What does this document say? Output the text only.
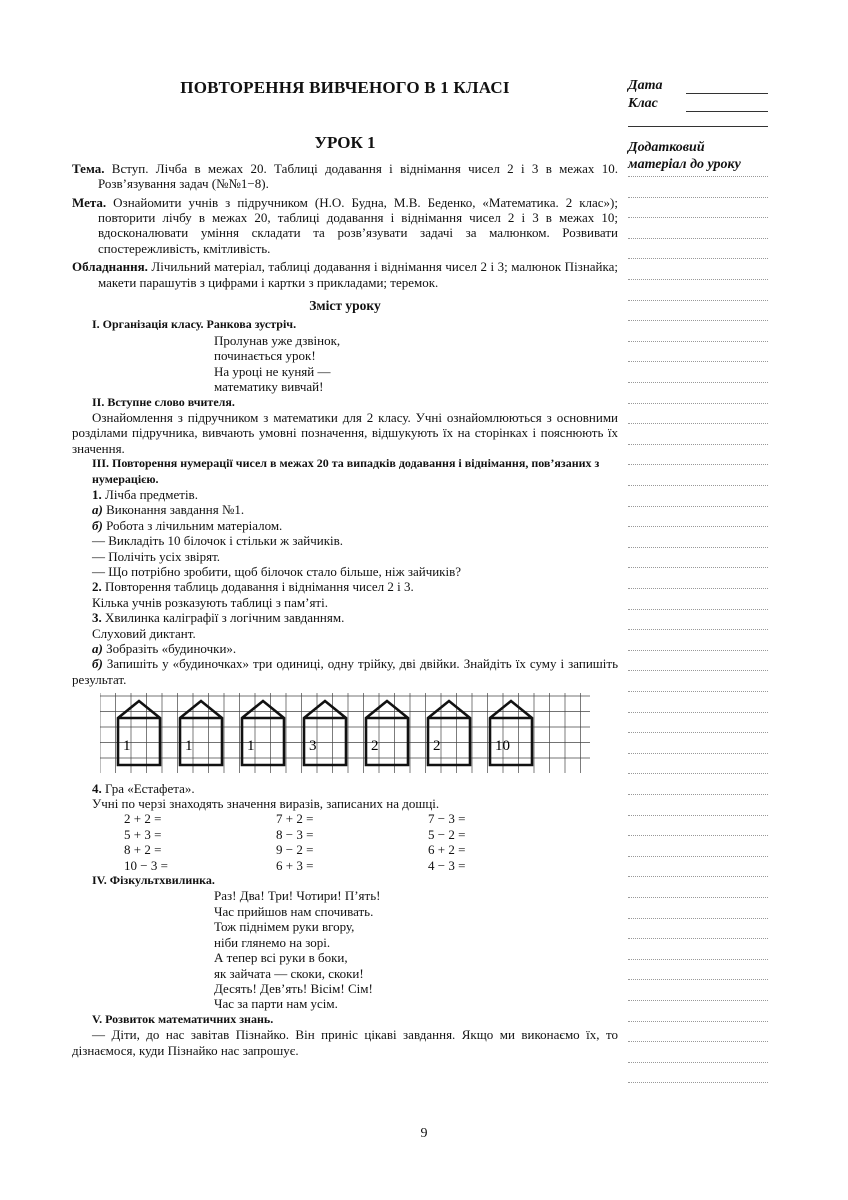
ПОВТОРЕННЯ ВИВЧЕНОГО В 1 КЛАСІ
УРОК 1
Тема. Вступ. Лічба в межах 20. Таблиці додавання і віднімання чисел 2 і 3 в межах 10. Розв’язування задач (№№1−8).
Мета. Ознайомити учнів з підручником (Н.О. Будна, М.В. Беденко, «Математика. 2 клас»); повторити лічбу в межах 20, таблиці додавання і віднімання чисел 2 і 3 в межах 10; вдосконалювати уміння складати та розв’язувати задачі за малюнком. Розвивати спостережливість, кмітливість.
Обладнання. Лічильний матеріал, таблиці додавання і віднімання чисел 2 і 3; малюнок Пізнайка; макети парашутів з цифрами і картки з прикладами; теремок.
Зміст уроку
I. Організація класу. Ранкова зустріч.
Пролунав уже дзвінок,
починається урок!
На уроці не куняй —
математику вивчай!
II. Вступне слово вчителя.
Ознайомлення з підручником з математики для 2 класу. Учні ознайомлюються з основними розділами підручника, вивчають умовні позначення, відшукують їх на сторінках і пояснюють їх значення.
III. Повторення нумерації чисел в межах 20 та випадків додавання і віднімання, пов’язаних з нумерацією.
1. Лічба предметів.
а) Виконання завдання №1.
б) Робота з лічильним матеріалом.
— Викладіть 10 білочок і стільки ж зайчиків.
— Полічіть усіх звірят.
— Що потрібно зробити, щоб білочок стало більше, ніж зайчиків?
2. Повторення таблиць додавання і віднімання чисел 2 і 3.
Кілька учнів розказують таблиці з пам’яті.
3. Хвилинка каліграфії з логічним завданням.
Слуховий диктант.
а) Зобразіть «будиночки».
б) Запишіть у «будиночках» три одиниці, одну трійку, дві двійки. Знайдіть їх суму і запишіть результат.
1	1	1	3	2	2	10
4. Гра «Естафета».
Учні по черзі знаходять значення виразів, записаних на дошці.
2 + 2 =	7 + 2 =	7 − 3 =
5 + 3 =	8 − 3 =	5 − 2 =
8 + 2 =	9 − 2 =	6 + 2 =
10 − 3 =	6 + 3 =	4 − 3 =
IV. Фізкультхвилинка.
Раз! Два! Три! Чотири! П’ять!
Час прийшов нам спочивать.
Тож піднімем руки вгору,
ніби глянемо на зорі.
А тепер всі руки в боки,
як зайчата — скоки, скоки!
Десять! Дев’ять! Вісім! Сім!
Час за парти нам усім.
V. Розвиток математичних знань.
— Діти, до нас завітав Пізнайко. Він приніс цікаві завдання. Якщо ми виконаємо їх, то дізнаємося, куди Пізнайко нас запрошує.
Дата
Клас
Додатковий
матеріал до уроку
9
